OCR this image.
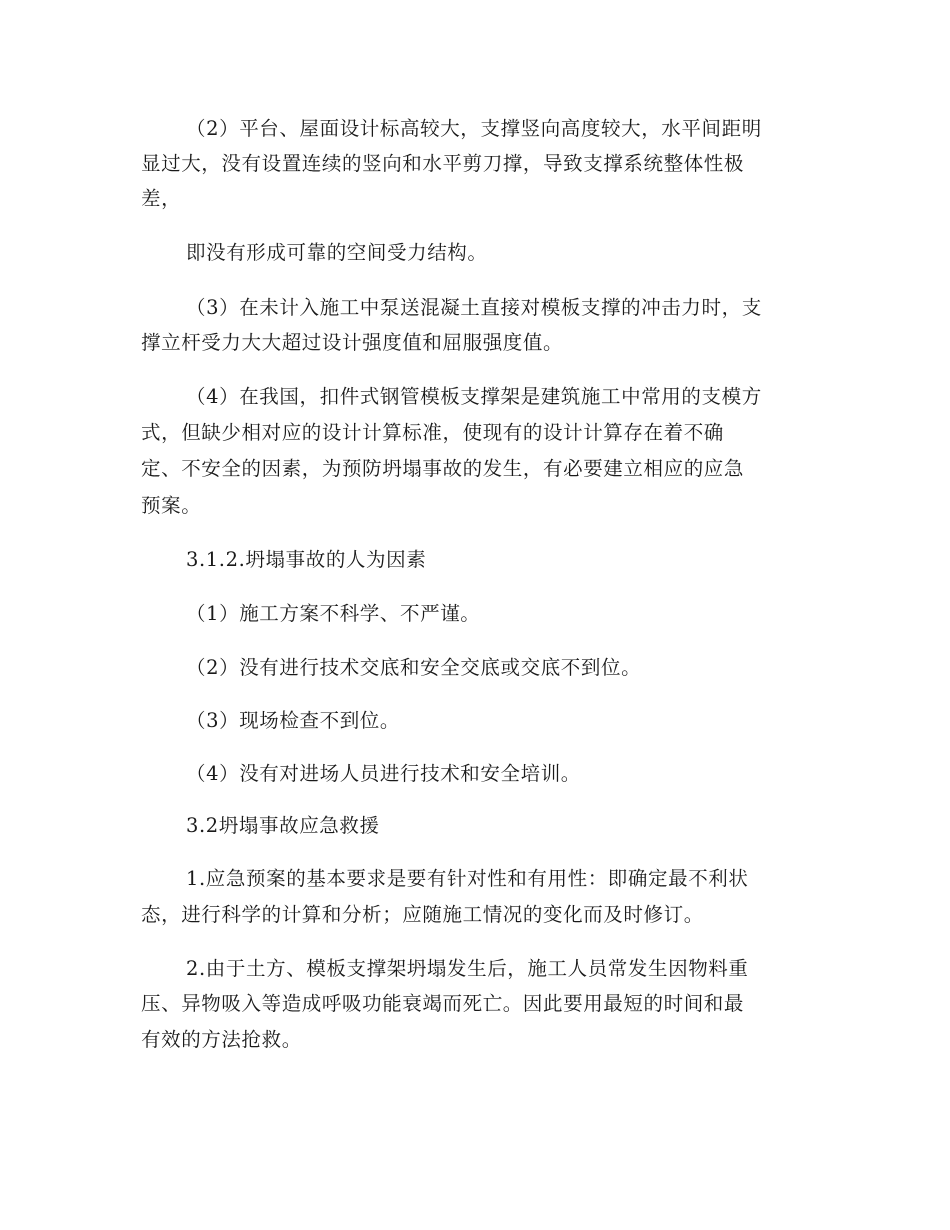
（2）平台、屋面设计标高较大，支撑竖向高度较大，水平间距明
显过大，没有设置连续的竖向和水平剪刀撑，导致支撑系统整体性极
差，
即没有形成可靠的空间受力结构。
（3）在未计入施工中泵送混凝土直接对模板支撑的冲击力时，支
撑立杆受力大大超过设计强度值和屈服强度值。
（4）在我国，扣件式钢管模板支撑架是建筑施工中常用的支模方
式，但缺少相对应的设计计算标准，使现有的设计计算存在着不确
定、不安全的因素，为预防坍塌事故的发生，有必要建立相应的应急
预案。
3.1.2.坍塌事故的人为因素
（1）施工方案不科学、不严谨。
（2）没有进行技术交底和安全交底或交底不到位。
（3）现场检查不到位。
（4）没有对进场人员进行技术和安全培训。
3.2坍塌事故应急救援
1.应急预案的基本要求是要有针对性和有用性：即确定最不利状
态，进行科学的计算和分析；应随施工情况的变化而及时修订。
2.由于土方、模板支撑架坍塌发生后，施工人员常发生因物料重
压、异物吸入等造成呼吸功能衰竭而死亡。因此要用最短的时间和最
有效的方法抢救。
